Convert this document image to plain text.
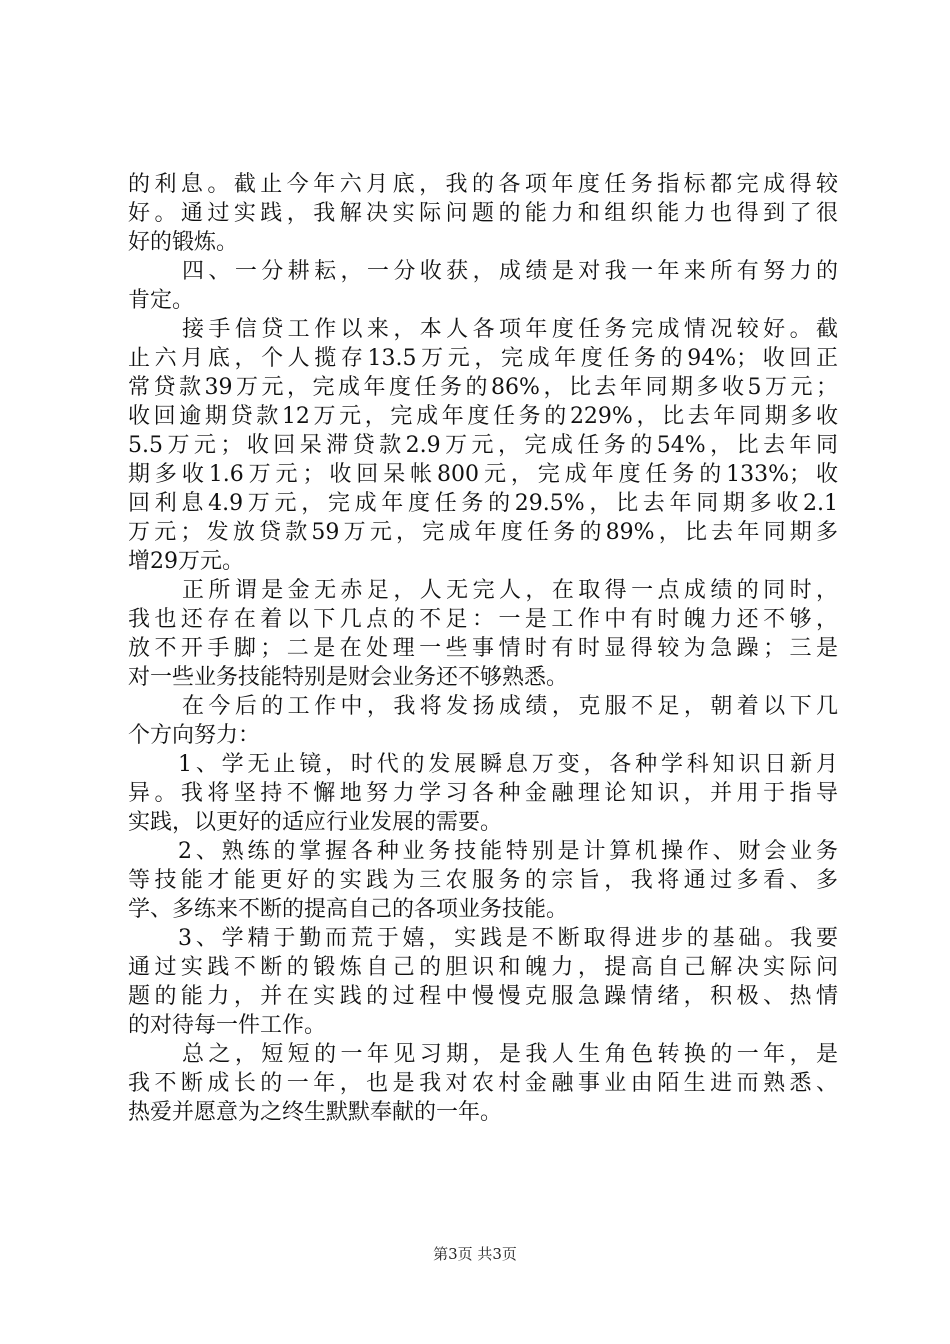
的利息。截止今年六月底，我的各项年度任务指标都完成得较
好。通过实践，我解决实际问题的能力和组织能力也得到了很
好的锻炼。
四、一分耕耘，一分收获，成绩是对我一年来所有努力的
肯定。
接手信贷工作以来，本人各项年度任务完成情况较好。截
止六月底，个人揽存13.5万元，完成年度任务的94%；收回正
常贷款39万元，完成年度任务的86%，比去年同期多收5万元；
收回逾期贷款12万元，完成年度任务的229%，比去年同期多收
5.5万元；收回呆滞贷款2.9万元，完成任务的54%，比去年同
期多收1.6万元；收回呆帐800元，完成年度任务的133%；收
回利息4.9万元，完成年度任务的29.5%，比去年同期多收2.1
万元；发放贷款59万元，完成年度任务的89%，比去年同期多
增29万元。
正所谓是金无赤足，人无完人，在取得一点成绩的同时，
我也还存在着以下几点的不足：一是工作中有时魄力还不够，
放不开手脚；二是在处理一些事情时有时显得较为急躁；三是
对一些业务技能特别是财会业务还不够熟悉。
在今后的工作中，我将发扬成绩，克服不足，朝着以下几
个方向努力：
1、学无止镜，时代的发展瞬息万变，各种学科知识日新月
异。我将坚持不懈地努力学习各种金融理论知识，并用于指导
实践，以更好的适应行业发展的需要。
2、熟练的掌握各种业务技能特别是计算机操作、财会业务
等技能才能更好的实践为三农服务的宗旨，我将通过多看、多
学、多练来不断的提高自己的各项业务技能。
3、学精于勤而荒于嬉，实践是不断取得进步的基础。我要
通过实践不断的锻炼自己的胆识和魄力，提高自己解决实际问
题的能力，并在实践的过程中慢慢克服急躁情绪，积极、热情
的对待每一件工作。
总之，短短的一年见习期，是我人生角色转换的一年，是
我不断成长的一年，也是我对农村金融事业由陌生进而熟悉、
热爱并愿意为之终生默默奉献的一年。
第3页 共3页
